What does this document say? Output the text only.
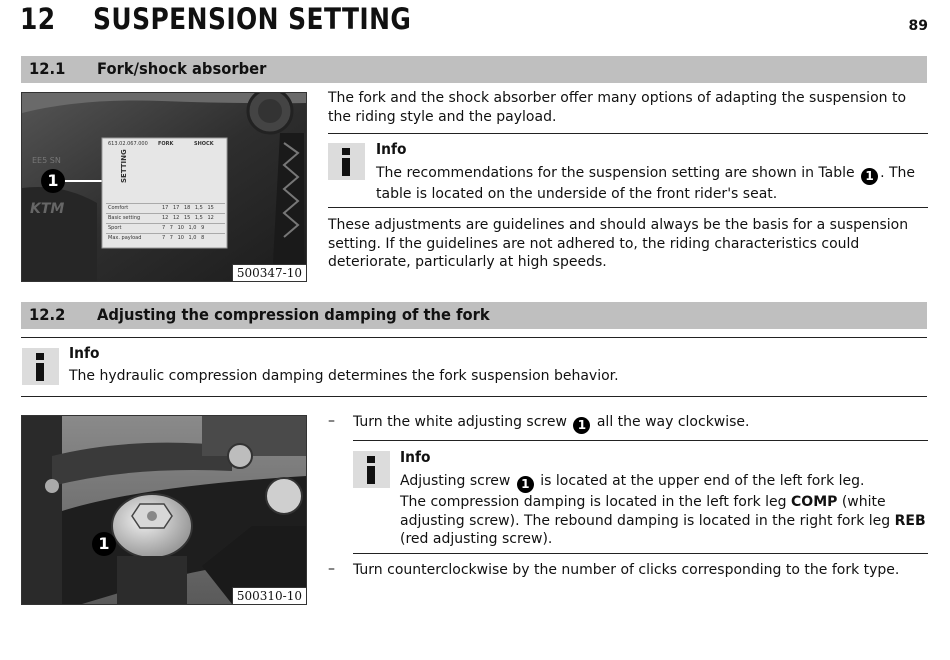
12 SUSPENSION SETTING	89
12.1 Fork/shock absorber
KTM
EE5 SN
613.02.067.000 FORK	SHOCK
SETTING
Comfort
Basic setting
Sport
Max. payload
17 17 18 1,5 15
12 12 15 1,5 12
7 7 10 1,0 9
7 7 10 1,0 8
1
500347-10
The fork and the shock absorber offer many options of adapting the suspension to the riding style and the payload.
Info
The recommendations for the suspension setting are shown in Table 1 . The table is located on the underside of the front rider's seat.
These adjustments are guidelines and should always be the basis for a suspension setting. If the guidelines are not adhered to, the riding characteristics could deteriorate, particularly at high speeds.
12.2 Adjusting the compression damping of the fork
Info
The hydraulic compression damping determines the fork suspension behavior.
1
500310-10
– Turn the white adjusting screw 1 all the way clockwise.
Info
Adjusting screw 1 is located at the upper end of the left fork leg.
The compression damping is located in the left fork leg COMP (white adjusting screw). The rebound damping is located in the right fork leg REB (red adjusting screw).
– Turn counterclockwise by the number of clicks corresponding to the fork type.
